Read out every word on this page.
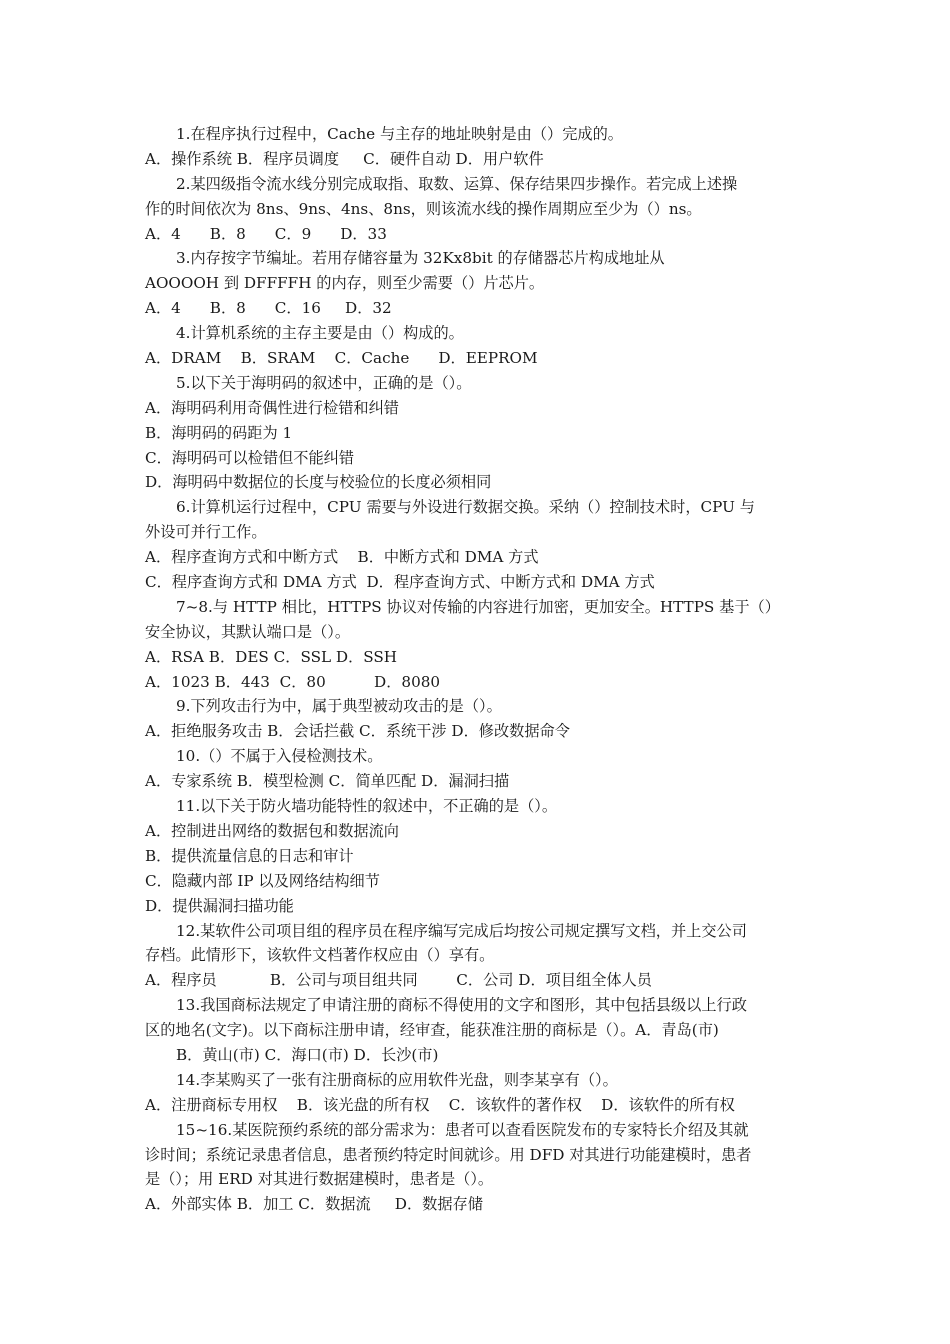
1.在程序执行过程中，Cache 与主存的地址映射是由（）完成的。
A．操作系统 B．程序员调度     C．硬件自动 D．用户软件
2.某四级指令流水线分别完成取指、取数、运算、保存结果四步操作。若完成上述操
作的时间依次为 8ns、9ns、4ns、8ns，则该流水线的操作周期应至少为（）ns。
A．4      B．8      C．9      D．33
3.内存按字节编址。若用存储容量为 32Kx8bit 的存储器芯片构成地址从
AOOOOH 到 DFFFFH 的内存，则至少需要（）片芯片。
A．4      B．8      C．16     D．32
4.计算机系统的主存主要是由（）构成的。
A．DRAM    B．SRAM    C．Cache      D．EEPROM
5.以下关于海明码的叙述中，正确的是（）。
A．海明码利用奇偶性进行检错和纠错
B．海明码的码距为 1
C．海明码可以检错但不能纠错
D．海明码中数据位的长度与校验位的长度必须相同
6.计算机运行过程中，CPU 需要与外设进行数据交换。采纳（）控制技术时，CPU 与
外设可并行工作。
A．程序查询方式和中断方式    B．中断方式和 DMA 方式
C．程序查询方式和 DMA 方式  D．程序查询方式、中断方式和 DMA 方式
7~8.与 HTTP 相比，HTTPS 协议对传输的内容进行加密，更加安全。HTTPS 基于（）
安全协议，其默认端口是（）。
A．RSA B．DES C．SSL D．SSH
A．1023 B．443  C．80          D．8080
9.下列攻击行为中，属于典型被动攻击的是（）。
A．拒绝服务攻击 B．会话拦截 C．系统干涉 D．修改数据命令
10.（）不属于入侵检测技术。
A．专家系统 B．模型检测 C．简单匹配 D．漏洞扫描
11.以下关于防火墙功能特性的叙述中，不正确的是（）。
A．控制进出网络的数据包和数据流向
B．提供流量信息的日志和审计
C．隐藏内部 IP 以及网络结构细节
D．提供漏洞扫描功能
12.某软件公司项目组的程序员在程序编写完成后均按公司规定撰写文档，并上交公司
存档。此情形下，该软件文档著作权应由（）享有。
A．程序员           B．公司与项目组共同        C．公司 D．项目组全体人员
13.我国商标法规定了申请注册的商标不得使用的文字和图形，其中包括县级以上行政
区的地名(文字)。以下商标注册申请，经审查，能获准注册的商标是（）。A．青岛(市)
B．黄山(市) C．海口(市) D．长沙(市)
14.李某购买了一张有注册商标的应用软件光盘，则李某享有（）。
A．注册商标专用权    B．该光盘的所有权    C．该软件的著作权    D．该软件的所有权
15~16.某医院预约系统的部分需求为：患者可以查看医院发布的专家特长介绍及其就
诊时间；系统记录患者信息，患者预约特定时间就诊。用 DFD 对其进行功能建模时，患者
是（）；用 ERD 对其进行数据建模时，患者是（）。
A．外部实体 B．加工 C．数据流     D．数据存储
